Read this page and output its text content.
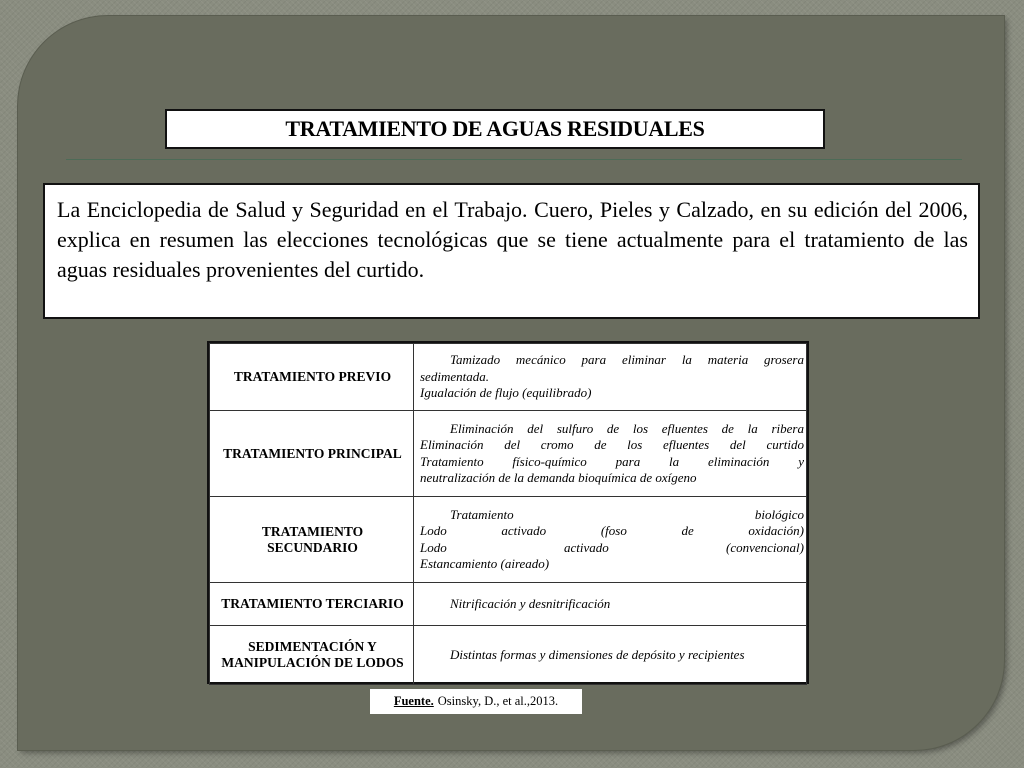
TRATAMIENTO DE AGUAS RESIDUALES
La Enciclopedia de Salud y Seguridad en el Trabajo. Cuero, Pieles y Calzado, en su edición del 2006, explica en resumen las elecciones tecnológicas que se tiene actualmente para el tratamiento de las aguas residuales provenientes del curtido.
TRATAMIENTO PREVIO	Tamizado mecánico para eliminar la materia grosera
sedimentada.
Igualación de flujo (equilibrado)

TRATAMIENTO PRINCIPAL	Eliminación del sulfuro de los efluentes de la ribera
Eliminación del cromo de los efluentes del curtido
Tratamiento físico-químico para la eliminación y
neutralización de la demanda bioquímica de oxígeno

TRATAMIENTO SECUNDARIO	Tratamiento biológico
Lodo activado (foso de oxidación)
Lodo activado (convencional)
Estancamiento (aireado)

TRATAMIENTO TERCIARIO	Nitrificación y desnitrificación

SEDIMENTACIÓN Y MANIPULACIÓN DE LODOS	Distintas formas y dimensiones de depósito y recipientes
Fuente. Osinsky, D., et al.,2013.
